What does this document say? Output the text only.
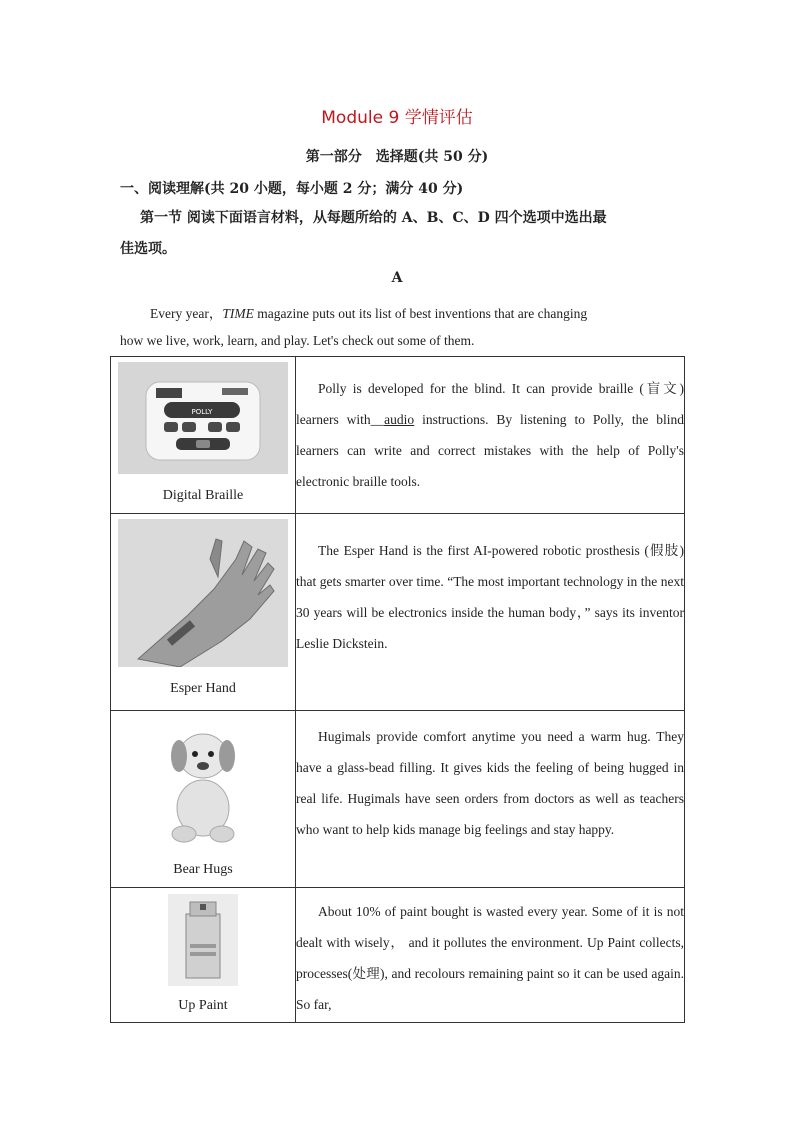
Module 9 学情评估
第一部分　选择题(共 50 分)
一、阅读理解(共 20 小题，每小题 2 分；满分 40 分)
　第一节 阅读下面语言材料，从每题所给的 A、B、C、D 四个选项中选出最
佳选项。
A
Every year，TIME magazine puts out its list of best inventions that are changing
how we live, work, learn, and play. Let's check out some of them.
POLLY
Digital Braille	Polly is developed for the blind. It can provide braille (盲文) learners with__audio instructions. By listening to Polly, the blind learners can write and correct mistakes with the help of Polly's electronic braille tools.

Esper Hand	The Esper Hand is the first AI-powered robotic prosthesis (假肢) that gets smarter over time. “The most important technology in the next 30 years will be electronics inside the human body，” says its inventor Leslie Dickstein.

Bear Hugs	Hugimals provide comfort anytime you need a warm hug. They have a glass-bead filling. It gives kids the feeling of being hugged in real life. Hugimals have seen orders from doctors as well as teachers who want to help kids manage big feelings and stay happy.

Up Paint	About 10% of paint bought is wasted every year. Some of it is not dealt with wisely， and it pollutes the environment. Up Paint collects, processes(处理), and recolours remaining paint so it can be used again. So far,
